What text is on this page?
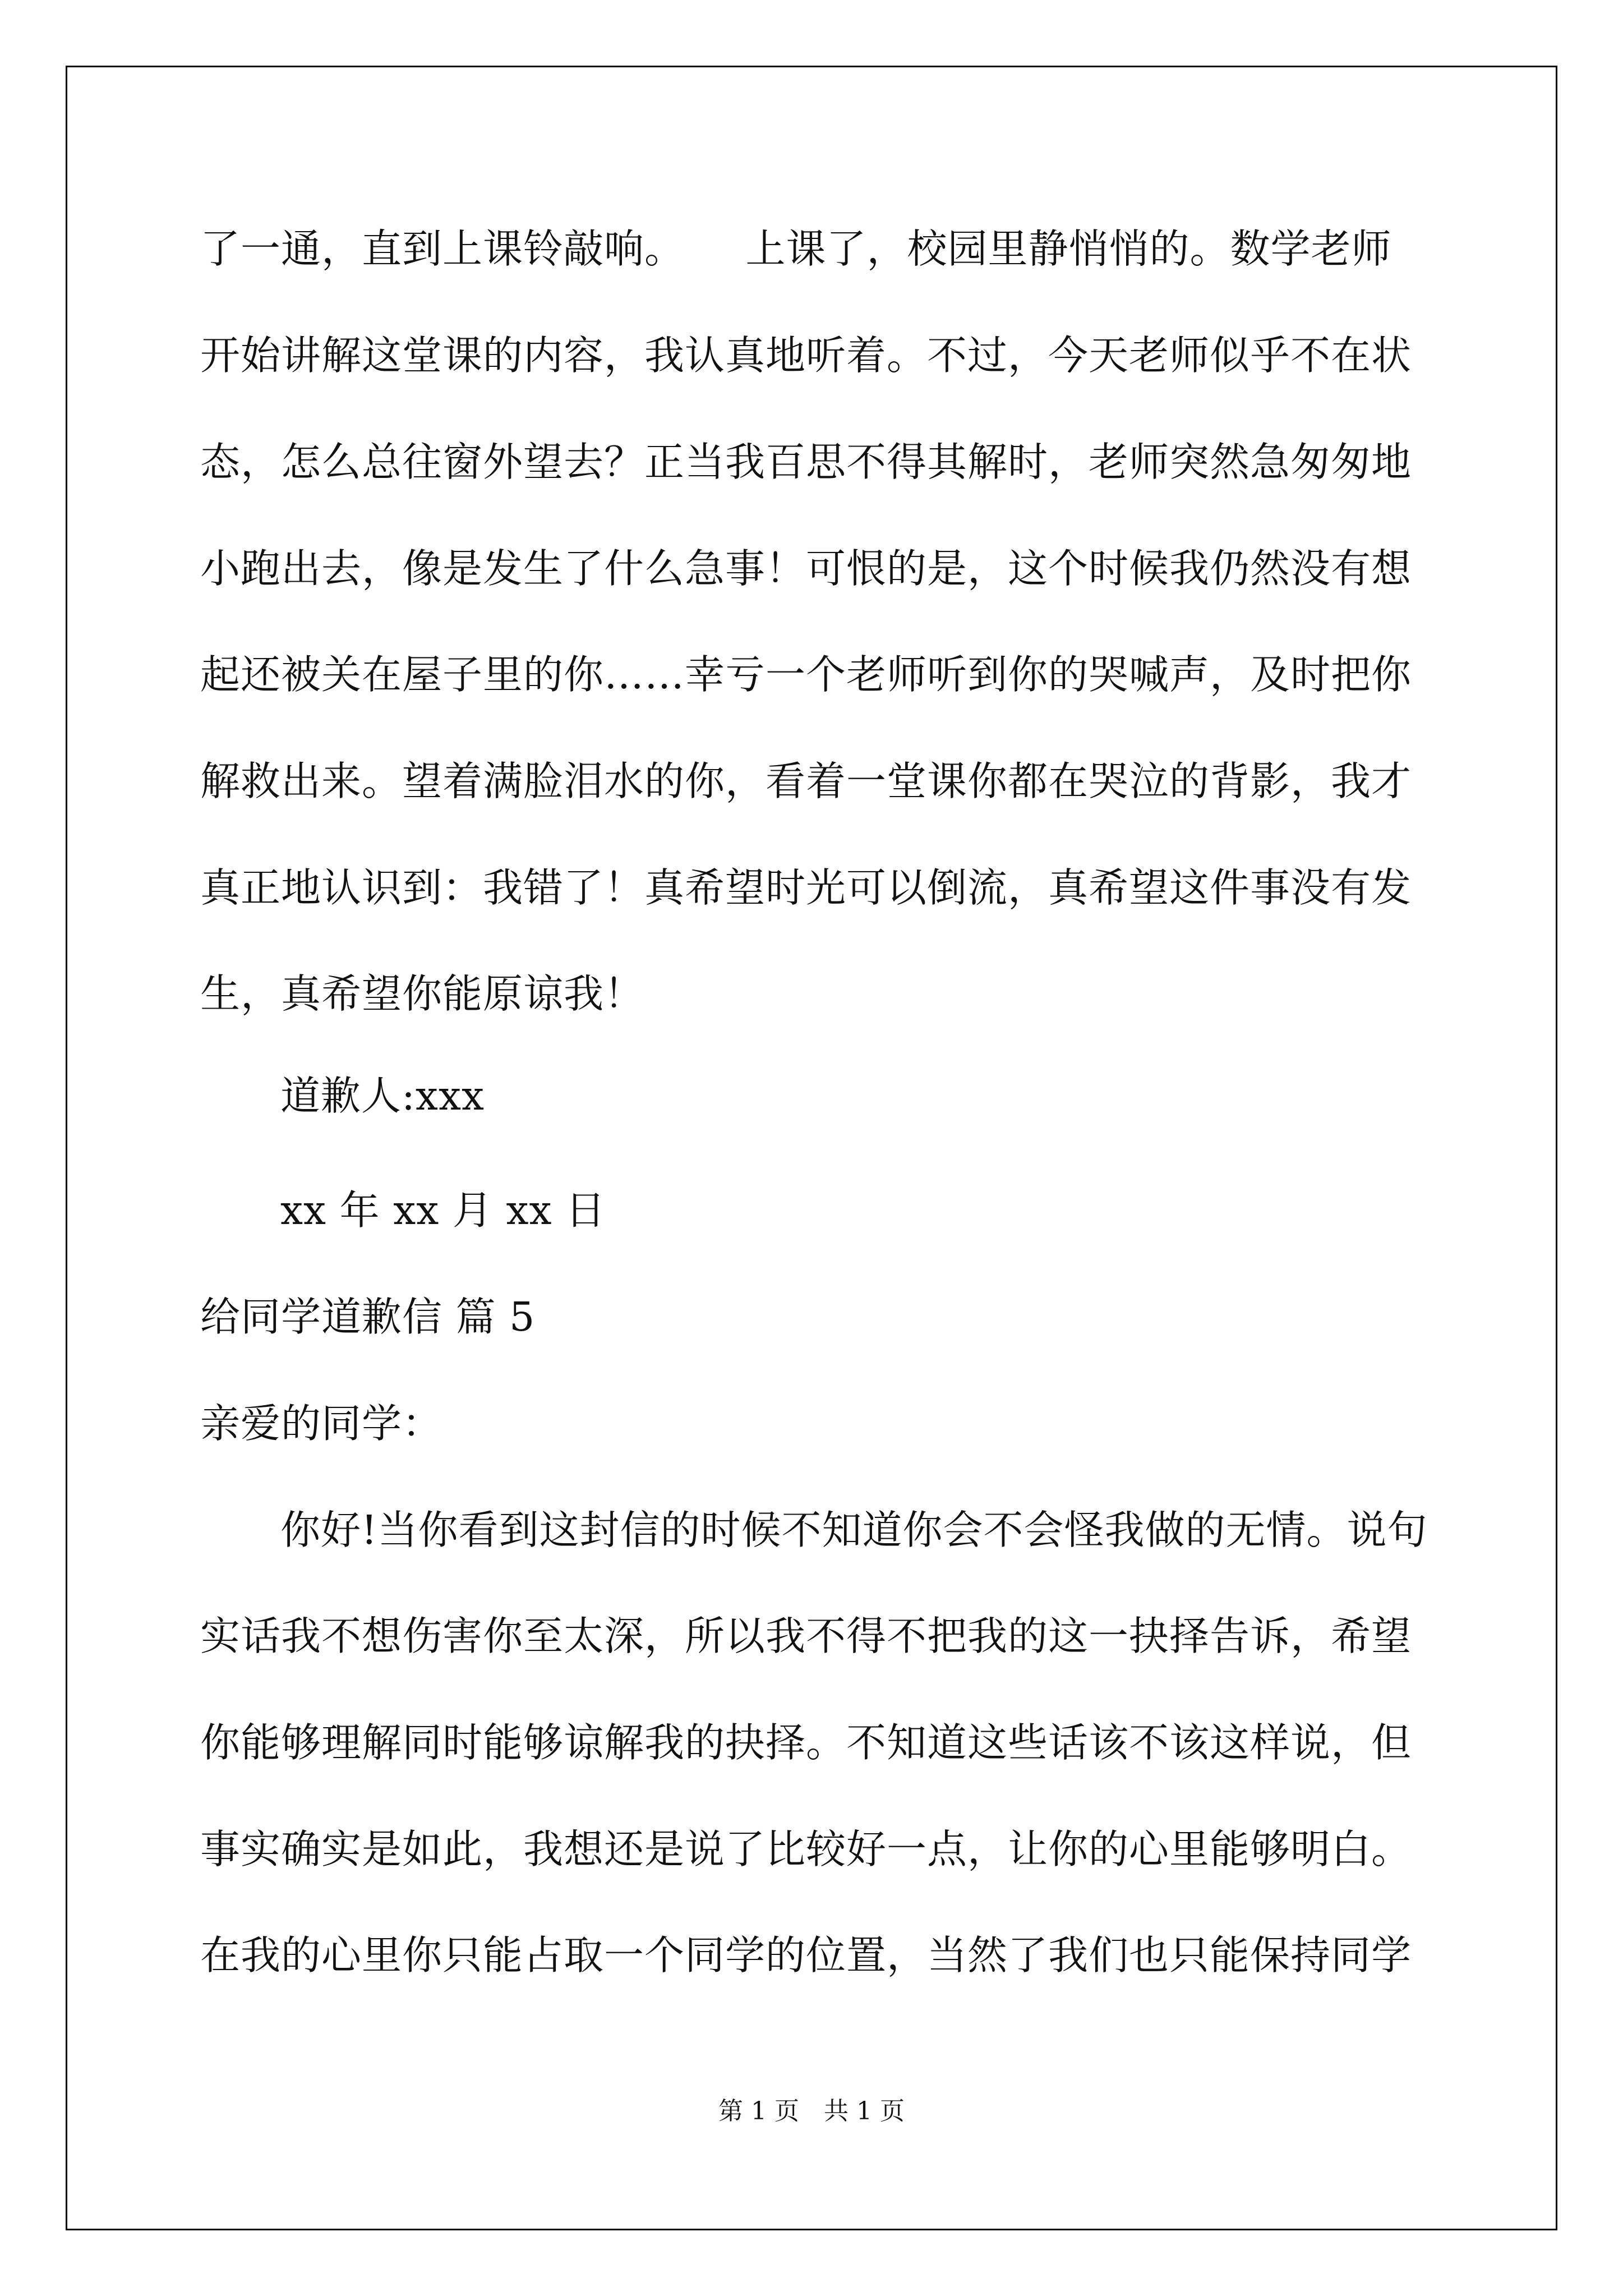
了一通，直到上课铃敲响。　　上课了，校园里静悄悄的。数学老师
开始讲解这堂课的内容，我认真地听着。不过，今天老师似乎不在状
态，怎么总往窗外望去？正当我百思不得其解时，老师突然急匆匆地
小跑出去，像是发生了什么急事！可恨的是，这个时候我仍然没有想
起还被关在屋子里的你……幸亏一个老师听到你的哭喊声，及时把你
解救出来。望着满脸泪水的你，看着一堂课你都在哭泣的背影，我才
真正地认识到：我错了！真希望时光可以倒流，真希望这件事没有发
生，真希望你能原谅我！
道歉人:xxx
xx 年 xx 月 xx 日
给同学道歉信 篇 5
亲爱的同学：
你好!当你看到这封信的时候不知道你会不会怪我做的无情。说句
实话我不想伤害你至太深，所以我不得不把我的这一抉择告诉，希望
你能够理解同时能够谅解我的抉择。不知道这些话该不该这样说，但
事实确实是如此，我想还是说了比较好一点，让你的心里能够明白。
在我的心里你只能占取一个同学的位置，当然了我们也只能保持同学
第 1 页　共 1 页
